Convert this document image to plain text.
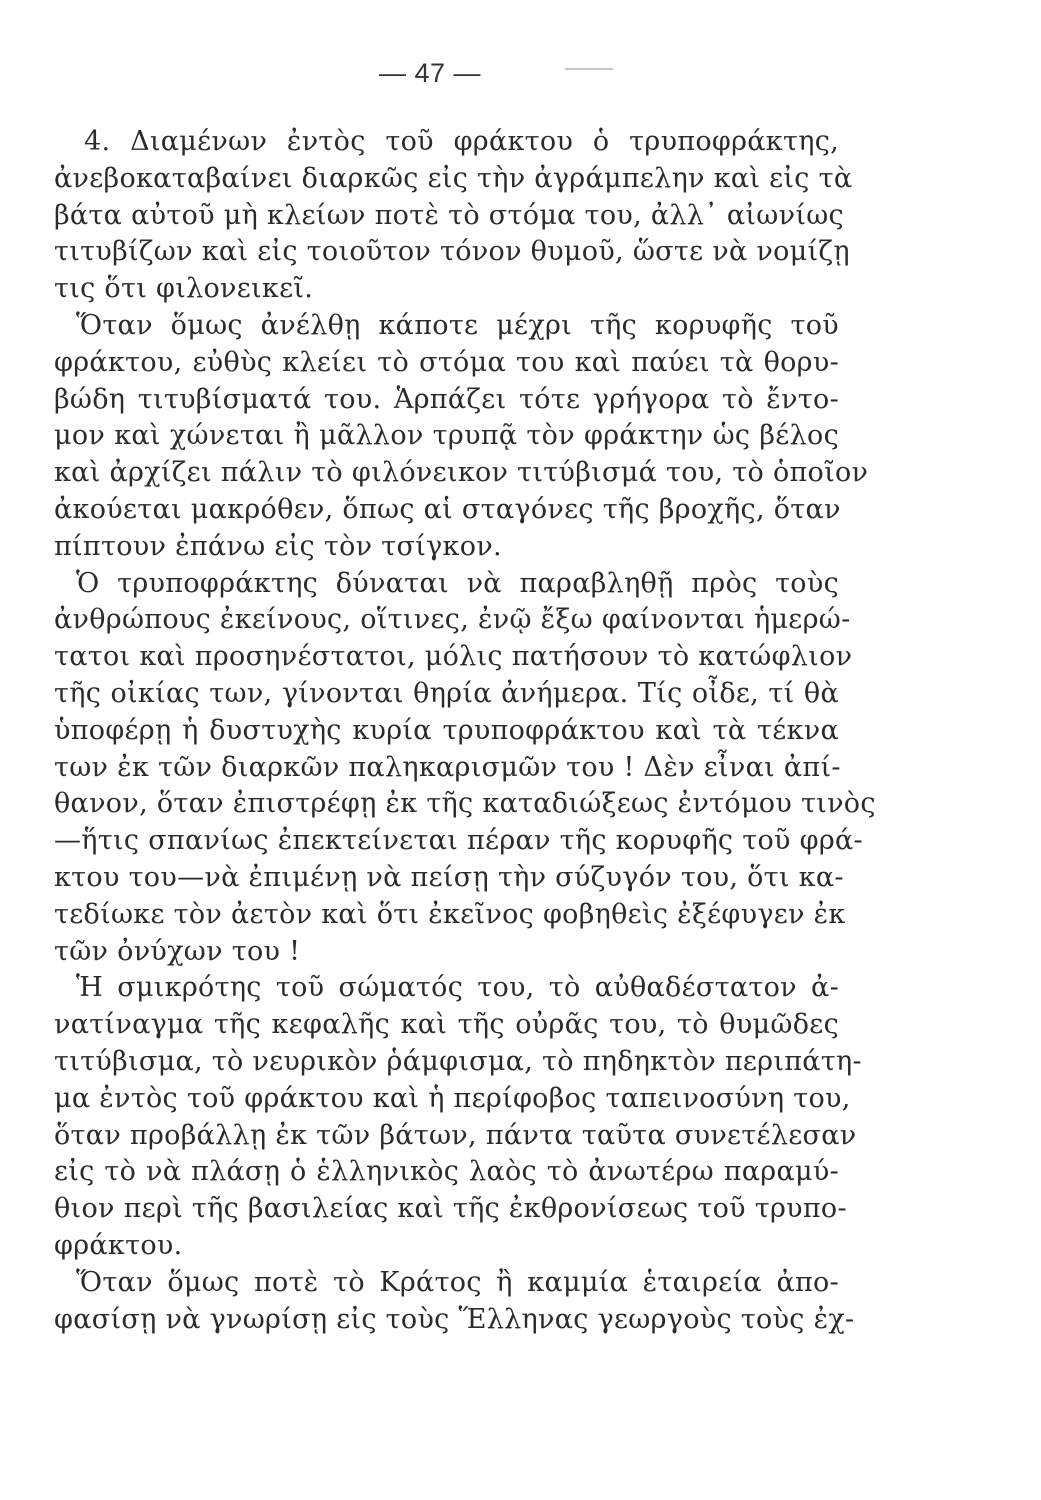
— 47 —
4. Διαμένων ἐντὸς τοῦ φράκτου ὁ τρυποφράκτης,
ἀνεβοκαταβαίνει διαρκῶς εἰς τὴν ἀγράμπελην καὶ εἰς τὰ
βάτα αὐτοῦ μὴ κλείων ποτὲ τὸ στόμα του, ἀλλ᾽ αἰωνίως
τιτυβίζων καὶ εἰς τοιοῦτον τόνον θυμοῦ, ὥστε νὰ νομίζῃ
τις ὅτι φιλονεικεῖ.
Ὅταν ὅμως ἀνέλθῃ κάποτε μέχρι τῆς κορυφῆς τοῦ
φράκτου, εὐθὺς κλείει τὸ στόμα του καὶ παύει τὰ θορυ-
βώδη τιτυβίσματά του. Ἁρπάζει τότε γρήγορα τὸ ἔντο-
μον καὶ χώνεται ἢ μᾶλλον τρυπᾷ τὸν φράκτην ὡς βέλος
καὶ ἀρχίζει πάλιν τὸ φιλόνεικον τιτύβισμά του, τὸ ὁποῖον
ἀκούεται μακρόθεν, ὅπως αἱ σταγόνες τῆς βροχῆς, ὅταν
πίπτουν ἐπάνω εἰς τὸν τσίγκον.
Ὁ τρυποφράκτης δύναται νὰ παραβληθῇ πρὸς τοὺς
ἀνθρώπους ἐκείνους, οἵτινες, ἐνῷ ἔξω φαίνονται ἡμερώ-
τατοι καὶ προσηνέστατοι, μόλις πατήσουν τὸ κατώφλιον
τῆς οἰκίας των, γίνονται θηρία ἀνήμερα. Τίς οἶδε, τί θὰ
ὑποφέρῃ ἡ δυστυχὴς κυρία τρυποφράκτου καὶ τὰ τέκνα
των ἐκ τῶν διαρκῶν παληκαρισμῶν του ! Δὲν εἶναι ἀπί-
θανον, ὅταν ἐπιστρέφῃ ἐκ τῆς καταδιώξεως ἐντόμου τινὸς
—ἥτις σπανίως ἐπεκτείνεται πέραν τῆς κορυφῆς τοῦ φρά-
κτου του—νὰ ἐπιμένῃ νὰ πείσῃ τὴν σύζυγόν του, ὅτι κα-
τεδίωκε τὸν ἀετὸν καὶ ὅτι ἐκεῖνος φοβηθεὶς ἐξέφυγεν ἐκ
τῶν ὀνύχων του !
Ἡ σμικρότης τοῦ σώματός του, τὸ αὐθαδέστατον ἀ-
νατίναγμα τῆς κεφαλῆς καὶ τῆς οὐρᾶς του, τὸ θυμῶδες
τιτύβισμα, τὸ νευρικὸν ῥάμφισμα, τὸ πηδηκτὸν περιπάτη-
μα ἐντὸς τοῦ φράκτου καὶ ἡ περίφοβος ταπεινοσύνη του,
ὅταν προβάλλῃ ἐκ τῶν βάτων, πάντα ταῦτα συνετέλεσαν
εἰς τὸ νὰ πλάσῃ ὁ ἑλληνικὸς λαὸς τὸ ἀνωτέρω παραμύ-
θιον περὶ τῆς βασιλείας καὶ τῆς ἐκθρονίσεως τοῦ τρυπο-
φράκτου.
Ὅταν ὅμως ποτὲ τὸ Κράτος ἢ καμμία ἑταιρεία ἀπο-
φασίσῃ νὰ γνωρίσῃ εἰς τοὺς Ἕλληνας γεωργοὺς τοὺς ἐχ-
